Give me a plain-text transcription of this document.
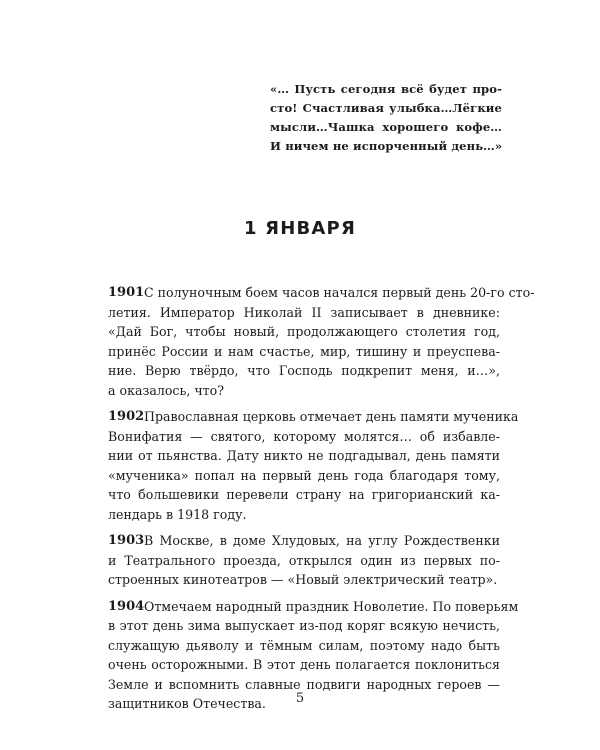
«… Пусть сегодня всё будет про-
сто! Счастливая улыбка…Лёгкие
мысли…Чашка хорошего кофе…
И ничем не испорченный день…»
1 ЯНВАРЯ
1901 С полуночным боем часов начался первый день 20-го сто-
летия. Император Николай II записывает в дневнике:
«Дай Бог, чтобы новый, продолжающего столетия год,
принёс России и нам счастье, мир, тишину и преуспева-
ние. Верю твёрдо, что Господь подкрепит меня, и…»,
а оказалось, что?
1902 Православная церковь отмечает день памяти мученика
Вонифатия — святого, которому молятся… об избавле-
нии от пьянства. Дату никто не подгадывал, день памяти
«мученика» попал на первый день года благодаря тому,
что большевики перевели страну на григорианский ка-
лендарь в 1918 году.
1903 В Москве, в доме Хлудовых, на углу Рождественки
и Театрального проезда, открылся один из первых по-
строенных кинотеатров — «Новый электрический театр».
1904 Отмечаем народный праздник Новолетие. По поверьям
в этот день зима выпускает из-под коряг всякую нечисть,
служащую дьяволу и тёмным силам, поэтому надо быть
очень осторожными. В этот день полагается поклониться
Земле и вспомнить славные подвиги народных героев —
защитников Отечества.	5
